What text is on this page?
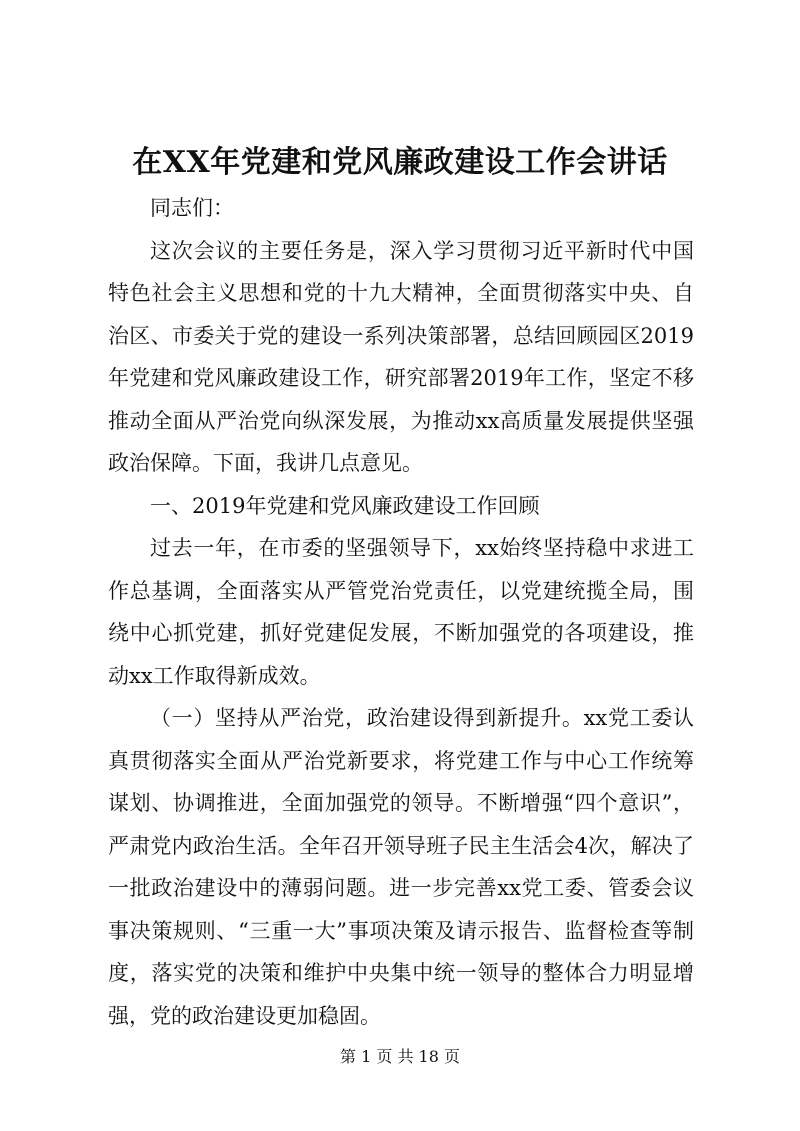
在XX年党建和党风廉政建设工作会讲话

同志们：

这次会议的主要任务是，深入学习贯彻习近平新时代中国特色社会主义思想和党的十九大精神，全面贯彻落实中央、自治区、市委关于党的建设一系列决策部署，总结回顾园区2019年党建和党风廉政建设工作，研究部署2019年工作，坚定不移推动全面从严治党向纵深发展，为推动xx高质量发展提供坚强政治保障。下面，我讲几点意见。

一、2019年党建和党风廉政建设工作回顾

过去一年，在市委的坚强领导下，xx始终坚持稳中求进工作总基调，全面落实从严管党治党责任，以党建统揽全局，围绕中心抓党建，抓好党建促发展，不断加强党的各项建设，推动xx工作取得新成效。

（一）坚持从严治党，政治建设得到新提升。xx党工委认真贯彻落实全面从严治党新要求，将党建工作与中心工作统筹谋划、协调推进，全面加强党的领导。不断增强“四个意识”，严肃党内政治生活。全年召开领导班子民主生活会4次，解决了一批政治建设中的薄弱问题。进一步完善xx党工委、管委会议事决策规则、“三重一大”事项决策及请示报告、监督检查等制度，落实党的决策和维护中央集中统一领导的整体合力明显增强，党的政治建设更加稳固。

第 1 页 共 18 页
